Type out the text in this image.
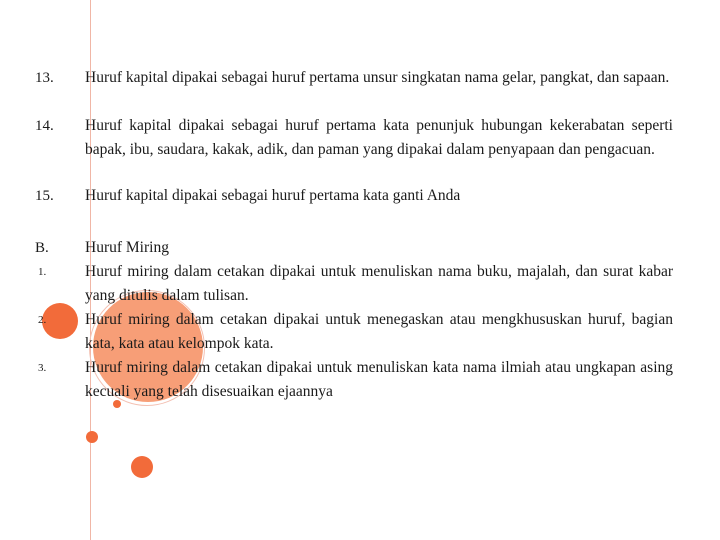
13. Huruf kapital dipakai sebagai huruf pertama unsur singkatan nama gelar, pangkat, dan sapaan.
14. Huruf kapital dipakai sebagai huruf pertama kata penunjuk hubungan kekerabatan seperti bapak, ibu, saudara, kakak, adik, dan paman yang dipakai dalam penyapaan dan pengacuan.
15. Huruf kapital dipakai sebagai huruf pertama kata ganti Anda
B. Huruf Miring
1.	Huruf miring dalam cetakan dipakai untuk menuliskan nama buku, majalah, dan surat kabar yang ditulis dalam tulisan.
2.	Huruf miring dalam cetakan dipakai untuk menegaskan atau mengkhususkan huruf, bagian kata, kata atau kelompok kata.
3.	Huruf miring dalam cetakan dipakai untuk menuliskan kata nama ilmiah atau ungkapan asing kecuali yang telah disesuaikan ejaannya
